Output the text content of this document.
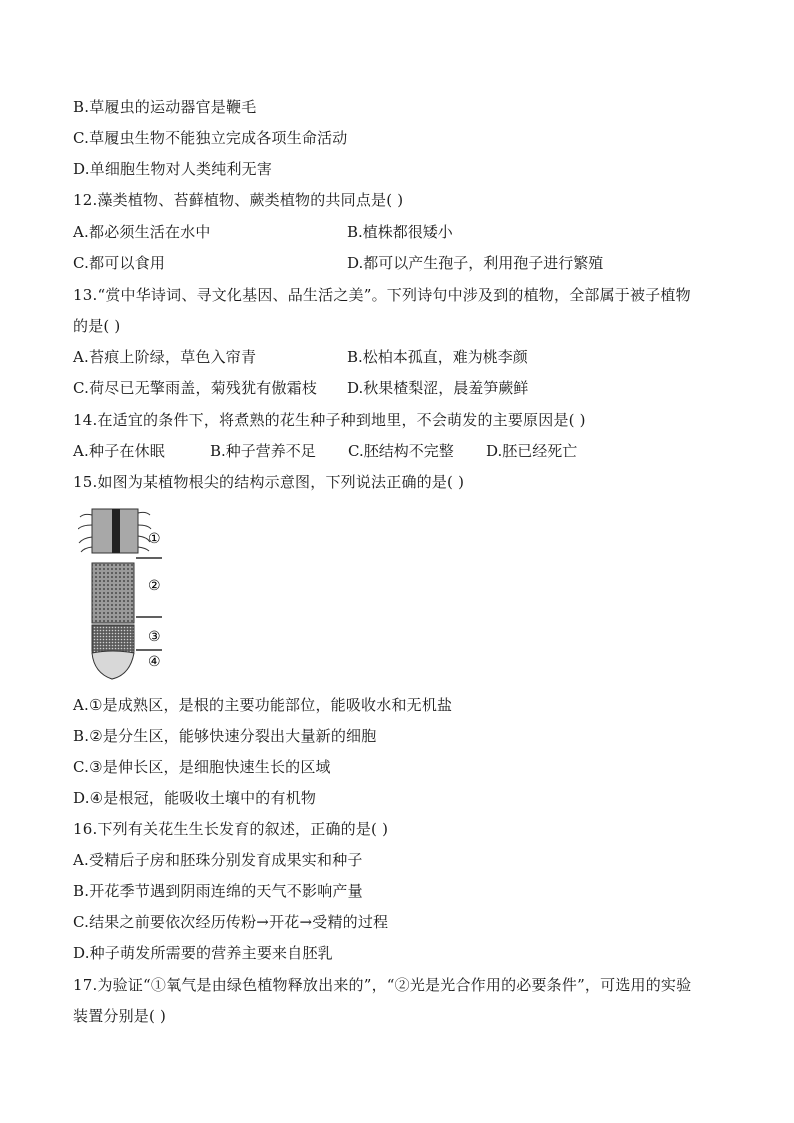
B.草履虫的运动器官是鞭毛
C.草履虫生物不能独立完成各项生命活动
D.单细胞生物对人类纯利无害
12.藻类植物、苔藓植物、蕨类植物的共同点是( )
A.都必须生活在水中	B.植株都很矮小
C.都可以食用	D.都可以产生孢子，利用孢子进行繁殖
13.“赏中华诗词、寻文化基因、品生活之美”。下列诗句中涉及到的植物，全部属于被子植物
的是( )
A.苔痕上阶绿，草色入帘青	B.松柏本孤直，难为桃李颜
C.荷尽已无擎雨盖，菊残犹有傲霜枝 D.秋果楂梨涩，晨羞笋蕨鲜
14.在适宜的条件下，将煮熟的花生种子种到地里，不会萌发的主要原因是( )
A.种子在休眠	B.种子营养不足 C.胚结构不完整 D.胚已经死亡
15.如图为某植物根尖的结构示意图，下列说法正确的是( )
①
②
③
④
A.①是成熟区，是根的主要功能部位，能吸收水和无机盐
B.②是分生区，能够快速分裂出大量新的细胞
C.③是伸长区，是细胞快速生长的区域
D.④是根冠，能吸收土壤中的有机物
16.下列有关花生生长发育的叙述，正确的是( )
A.受精后子房和胚珠分别发育成果实和种子
B.开花季节遇到阴雨连绵的天气不影响产量
C.结果之前要依次经历传粉→开花→受精的过程
D.种子萌发所需要的营养主要来自胚乳
17.为验证“①氧气是由绿色植物释放出来的”，“②光是光合作用的必要条件”，可选用的实验
装置分别是( )
